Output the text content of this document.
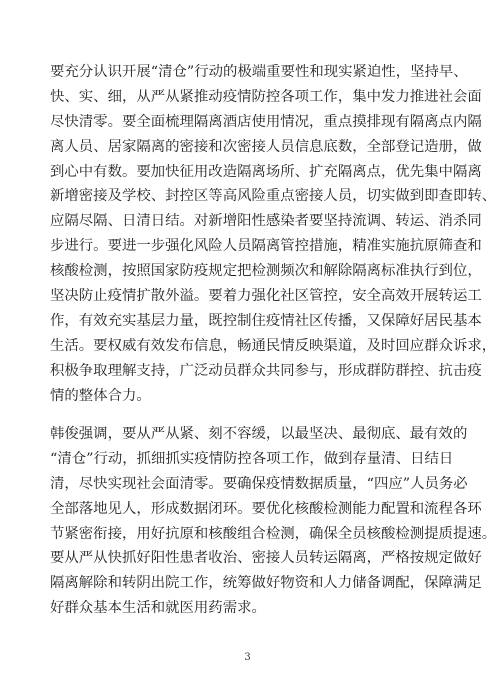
要充分认识开展“清仓”行动的极端重要性和现实紧迫性，坚持早、
快、实、细，从严从紧推动疫情防控各项工作，集中发力推进社会面
尽快清零。要全面梳理隔离酒店使用情况，重点摸排现有隔离点内隔
离人员、居家隔离的密接和次密接人员信息底数，全部登记造册，做
到心中有数。要加快征用改造隔离场所、扩充隔离点，优先集中隔离
新增密接及学校、封控区等高风险重点密接人员，切实做到即查即转、
应隔尽隔、日清日结。对新增阳性感染者要坚持流调、转运、消杀同
步进行。要进一步强化风险人员隔离管控措施，精准实施抗原筛查和
核酸检测，按照国家防疫规定把检测频次和解除隔离标准执行到位，
坚决防止疫情扩散外溢。要着力强化社区管控，安全高效开展转运工
作，有效充实基层力量，既控制住疫情社区传播，又保障好居民基本
生活。要权威有效发布信息，畅通民情反映渠道，及时回应群众诉求，
积极争取理解支持，广泛动员群众共同参与，形成群防群控、抗击疫
情的整体合力。
韩俊强调，要从严从紧、刻不容缓，以最坚决、最彻底、最有效的
“清仓”行动，抓细抓实疫情防控各项工作，做到存量清、日结日
清，尽快实现社会面清零。要确保疫情数据质量，“四应”人员务必
全部落地见人，形成数据闭环。要优化核酸检测能力配置和流程各环
节紧密衔接，用好抗原和核酸组合检测，确保全员核酸检测提质提速。
要从严从快抓好阳性患者收治、密接人员转运隔离，严格按规定做好
隔离解除和转阴出院工作，统筹做好物资和人力储备调配，保障满足
好群众基本生活和就医用药需求。
3
